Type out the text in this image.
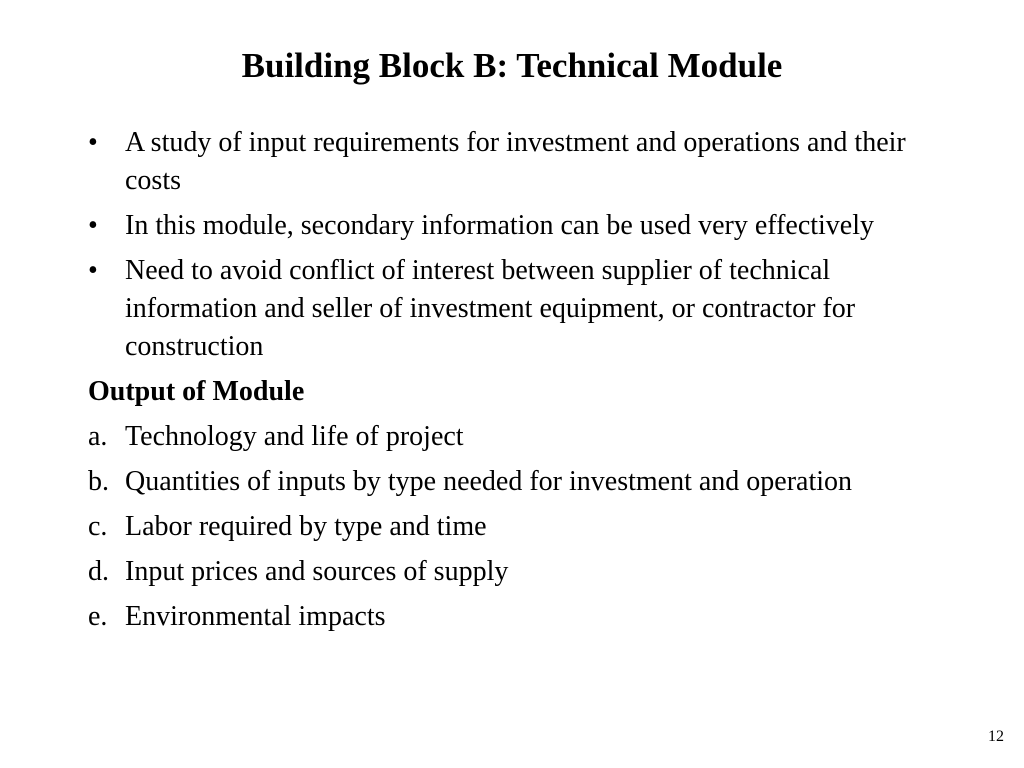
Building Block B: Technical Module
• A study of input requirements for investment and operations and their costs
• In this module, secondary information can be used very effectively
• Need to avoid conflict of interest between supplier of technical information and seller of investment equipment, or contractor for construction
Output of Module
a. Technology and life of project
b. Quantities of inputs by type needed for investment and operation
c. Labor required by type and time
d. Input prices and sources of supply
e. Environmental impacts
12
